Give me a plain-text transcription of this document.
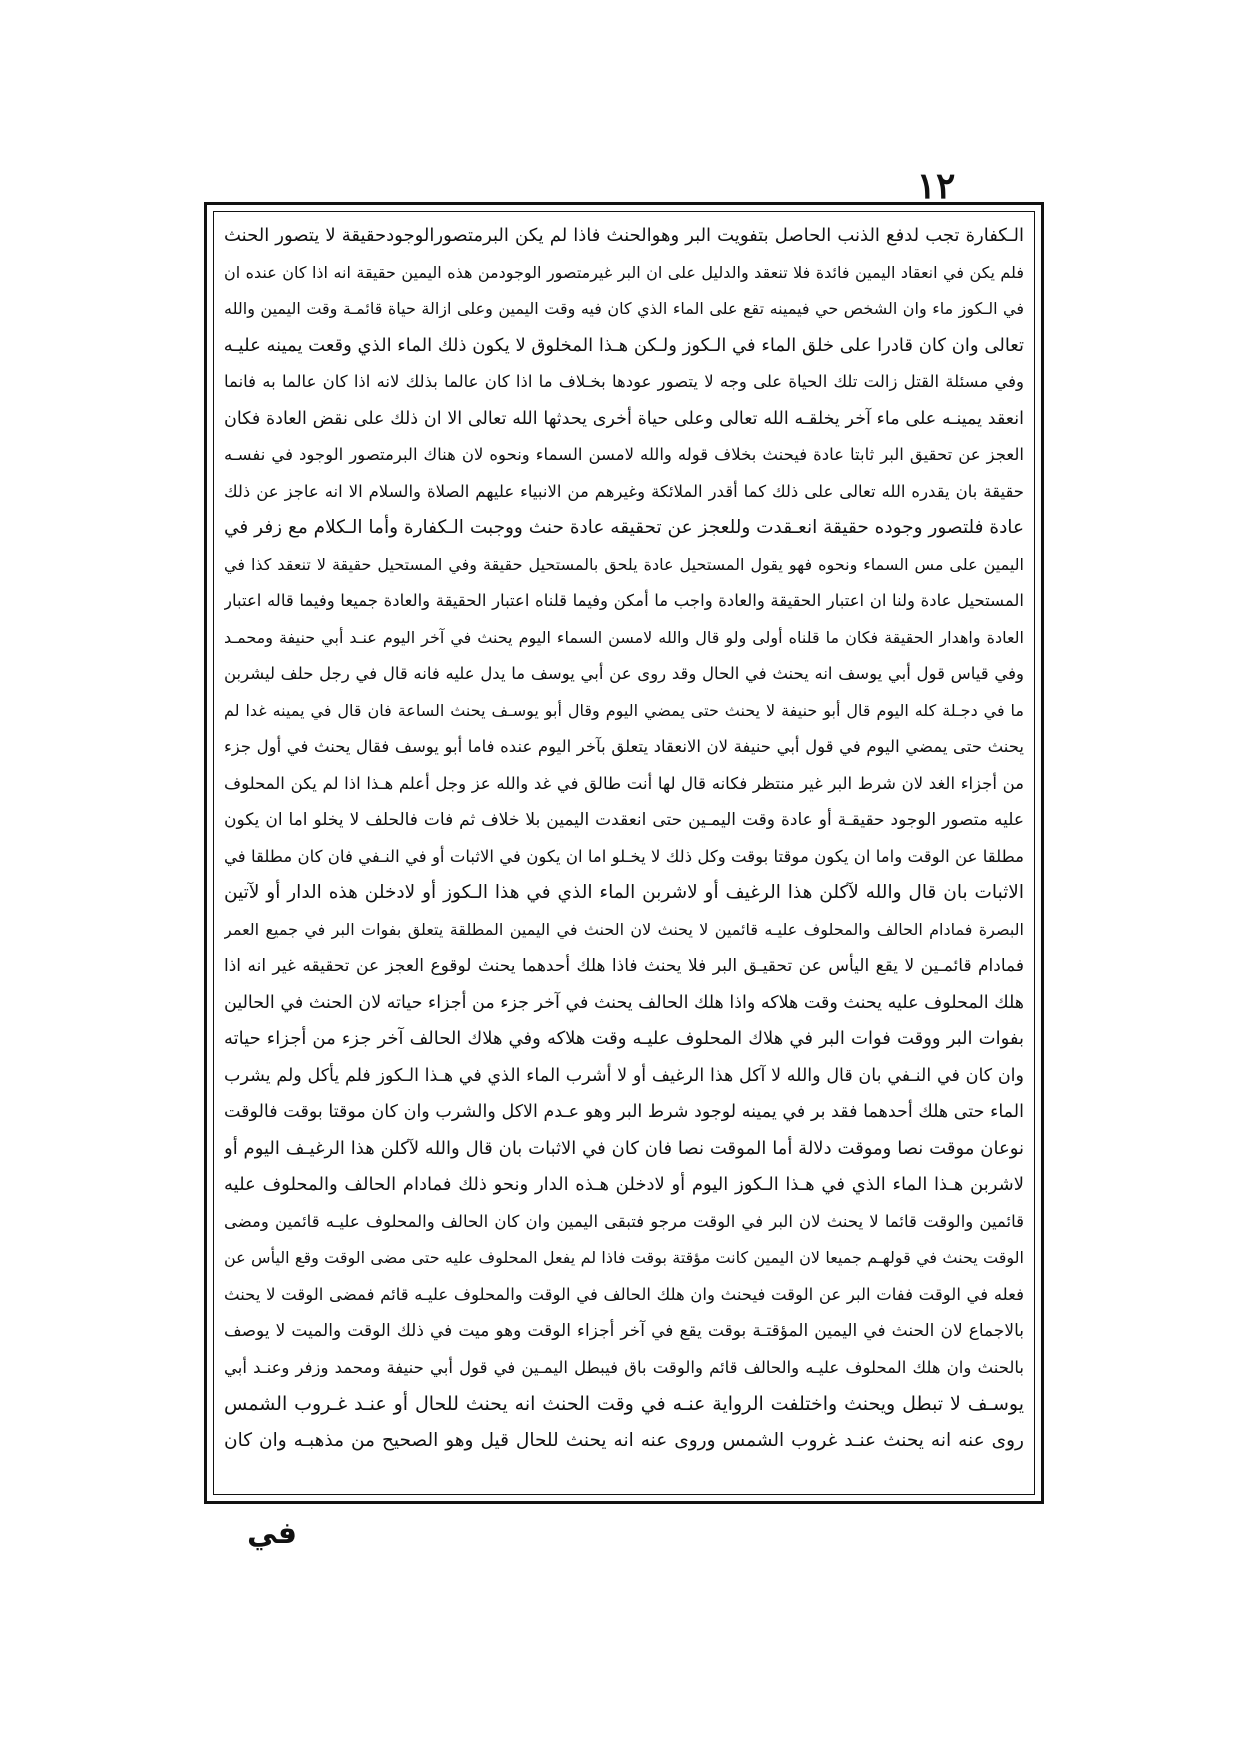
١٢
الـكفارة تجب لدفع الذنب الحاصل بتفويت البر وهوالحنث فاذا لم يكن البرمتصورالوجودحقيقة لا يتصور الحنث
فلم يكن في انعقاد اليمين فائدة فلا تنعقد والدليل على ان البر غيرمتصور الوجودمن هذه اليمين حقيقة انه اذا كان عنده ان
في الـكوز ماء وان الشخص حي فيمينه تقع على الماء الذي كان فيه وقت اليمين وعلى ازالة حياة قائمـة وقت اليمين والله
تعالى وان كان قادرا على خلق الماء في الـكوز ولـكن هـذا المخلوق لا يكون ذلك الماء الذي وقعت يمينه عليـه
وفي مسئلة القتل زالت تلك الحياة على وجه لا يتصور عودها بخـلاف ما اذا كان عالما بذلك لانه اذا كان عالما به فانما
انعقد يمينـه على ماء آخر يخلقـه الله تعالى وعلى حياة أخرى يحدثها الله تعالى الا ان ذلك على نقض العادة فكان
العجز عن تحقيق البر ثابتا عادة فيحنث بخلاف قوله والله لامسن السماء ونحوه لان هناك البرمتصور الوجود في نفسـه
حقيقة بان يقدره الله تعالى على ذلك كما أقدر الملائكة وغيرهم من الانبياء عليهم الصلاة والسلام الا انه عاجز عن ذلك
عادة فلتصور وجوده حقيقة انعـقدت وللعجز عن تحقيقه عادة حنث ووجبت الـكفارة وأما الـكلام مع زفر في
اليمين على مس السماء ونحوه فهو يقول المستحيل عادة يلحق بالمستحيل حقيقة وفي المستحيل حقيقة لا تنعقد كذا في
المستحيل عادة ولنا ان اعتبار الحقيقة والعادة واجب ما أمكن وفيما قلناه اعتبار الحقيقة والعادة جميعا وفيما قاله اعتبار
العادة واهدار الحقيقة فكان ما قلناه أولى ولو قال والله لامسن السماء اليوم يحنث في آخر اليوم عنـد أبي حنيفة ومحمـد
وفي قياس قول أبي يوسف انه يحنث في الحال وقد روى عن أبي يوسف ما يدل عليه فانه قال في رجل حلف ليشربن
ما في دجـلة كله اليوم قال أبو حنيفة لا يحنث حتى يمضي اليوم وقال أبو يوسـف يحنث الساعة فان قال في يمينه غدا لم
يحنث حتى يمضي اليوم في قول أبي حنيفة لان الانعقاد يتعلق بآخر اليوم عنده فاما أبو يوسف فقال يحنث في أول جزء
من أجزاء الغد لان شرط البر غير منتظر فكانه قال لها أنت طالق في غد والله عز وجل أعلم هـذا اذا لم يكن المحلوف
عليه متصور الوجود حقيقـة أو عادة وقت اليمـين حتى انعقدت اليمين بلا خلاف ثم فات فالحلف لا يخلو اما ان يكون
مطلقا عن الوقت واما ان يكون موقتا بوقت وكل ذلك لا يخـلو اما ان يكون في الاثبات أو في النـفي فان كان مطلقا في
الاثبات بان قال والله لآكلن هذا الرغيف أو لاشربن الماء الذي في هذا الـكوز أو لادخلن هذه الدار أو لآتين
البصرة فمادام الحالف والمحلوف عليـه قائمين لا يحنث لان الحنث في اليمين المطلقة يتعلق بفوات البر في جميع العمر
فمادام قائمـين لا يقع اليأس عن تحقيـق البر فلا يحنث فاذا هلك أحدهما يحنث لوقوع العجز عن تحقيقه غير انه اذا
هلك المحلوف عليه يحنث وقت هلاكه واذا هلك الحالف يحنث في آخر جزء من أجزاء حياته لان الحنث في الحالين
بفوات البر ووقت فوات البر في هلاك المحلوف عليـه وقت هلاكه وفي هلاك الحالف آخر جزء من أجزاء حياته
وان كان في النـفي بان قال والله لا آكل هذا الرغيف أو لا أشرب الماء الذي في هـذا الـكوز فلم يأكل ولم يشرب
الماء حتى هلك أحدهما فقد بر في يمينه لوجود شرط البر وهو عـدم الاكل والشرب وان كان موقتا بوقت فالوقت
نوعان موقت نصا وموقت دلالة أما الموقت نصا فان كان في الاثبات بان قال والله لآكلن هذا الرغيـف اليوم أو
لاشربن هـذا الماء الذي في هـذا الـكوز اليوم أو لادخلن هـذه الدار ونحو ذلك فمادام الحالف والمحلوف عليه
قائمين والوقت قائما لا يحنث لان البر في الوقت مرجو فتبقى اليمين وان كان الحالف والمحلوف عليـه قائمين ومضى
الوقت يحنث في قولهـم جميعا لان اليمين كانت مؤقتة بوقت فاذا لم يفعل المحلوف عليه حتى مضى الوقت وقع اليأس عن
فعله في الوقت ففات البر عن الوقت فيحنث وان هلك الحالف في الوقت والمحلوف عليـه قائم فمضى الوقت لا يحنث
بالاجماع لان الحنث في اليمين المؤقتـة بوقت يقع في آخر أجزاء الوقت وهو ميت في ذلك الوقت والميت لا يوصف
بالحنث وان هلك المحلوف عليـه والحالف قائم والوقت باق فيبطل اليمـين في قول أبي حنيفة ومحمد وزفر وعنـد أبي
يوسـف لا تبطل ويحنث واختلفت الرواية عنـه في وقت الحنث انه يحنث للحال أو عنـد غـروب الشمس
روى عنه انه يحنث عنـد غروب الشمس وروى عنه انه يحنث للحال قيل وهو الصحيح من مذهبـه وان كان
في
